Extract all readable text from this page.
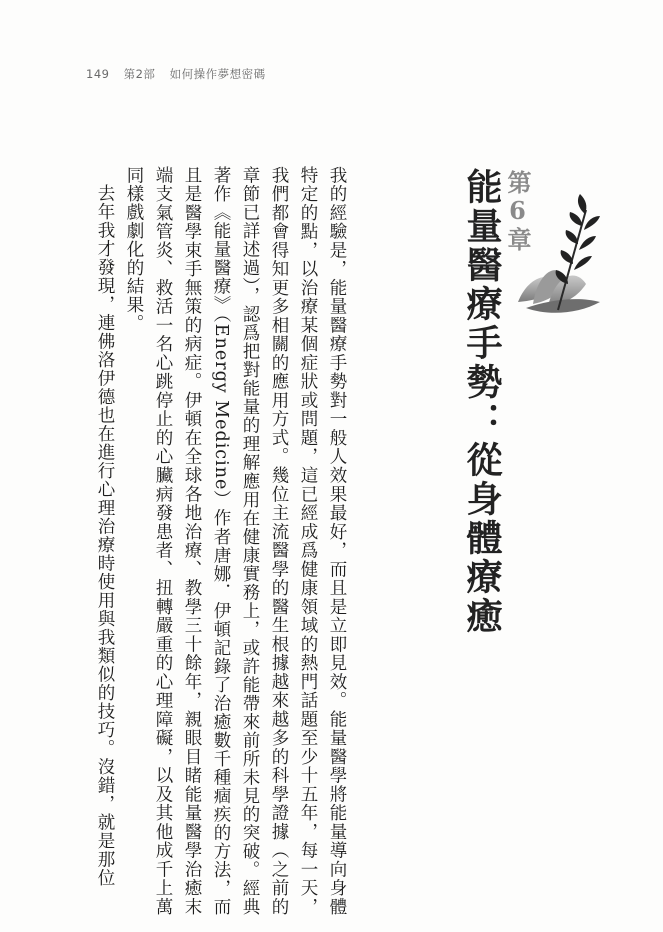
149 第2部 如何操作夢想密碼
第6章
能量醫療手勢：從身體療癒

我的經驗是，能量醫療手勢對一般人效果最好，而且是立即見效。能量醫學將能量導向身體特定的點，以治療某個症狀或問題，這已經成爲健康領域的熱門話題至少十五年，每一天，我們都會得知更多相關的應用方式。幾位主流醫學的醫生根據越來越多的科學證據（之前的章節已詳述過），認爲把對能量的理解應用在健康實務上，或許能帶來前所未見的突破。經典著作《能量醫療》（Energy Medicine）作者唐娜．伊頓記錄了治癒數千種痼疾的方法，而且是醫學束手無策的病症。伊頓在全球各地治療、教學三十餘年，親眼目睹能量醫學治癒末端支氣管炎、救活一名心跳停止的心臟病發患者、扭轉嚴重的心理障礙，以及其他成千上萬同樣戲劇化的結果。

去年我才發現，連佛洛伊德也在進行心理治療時使用與我類似的技巧。沒錯，就是那位
